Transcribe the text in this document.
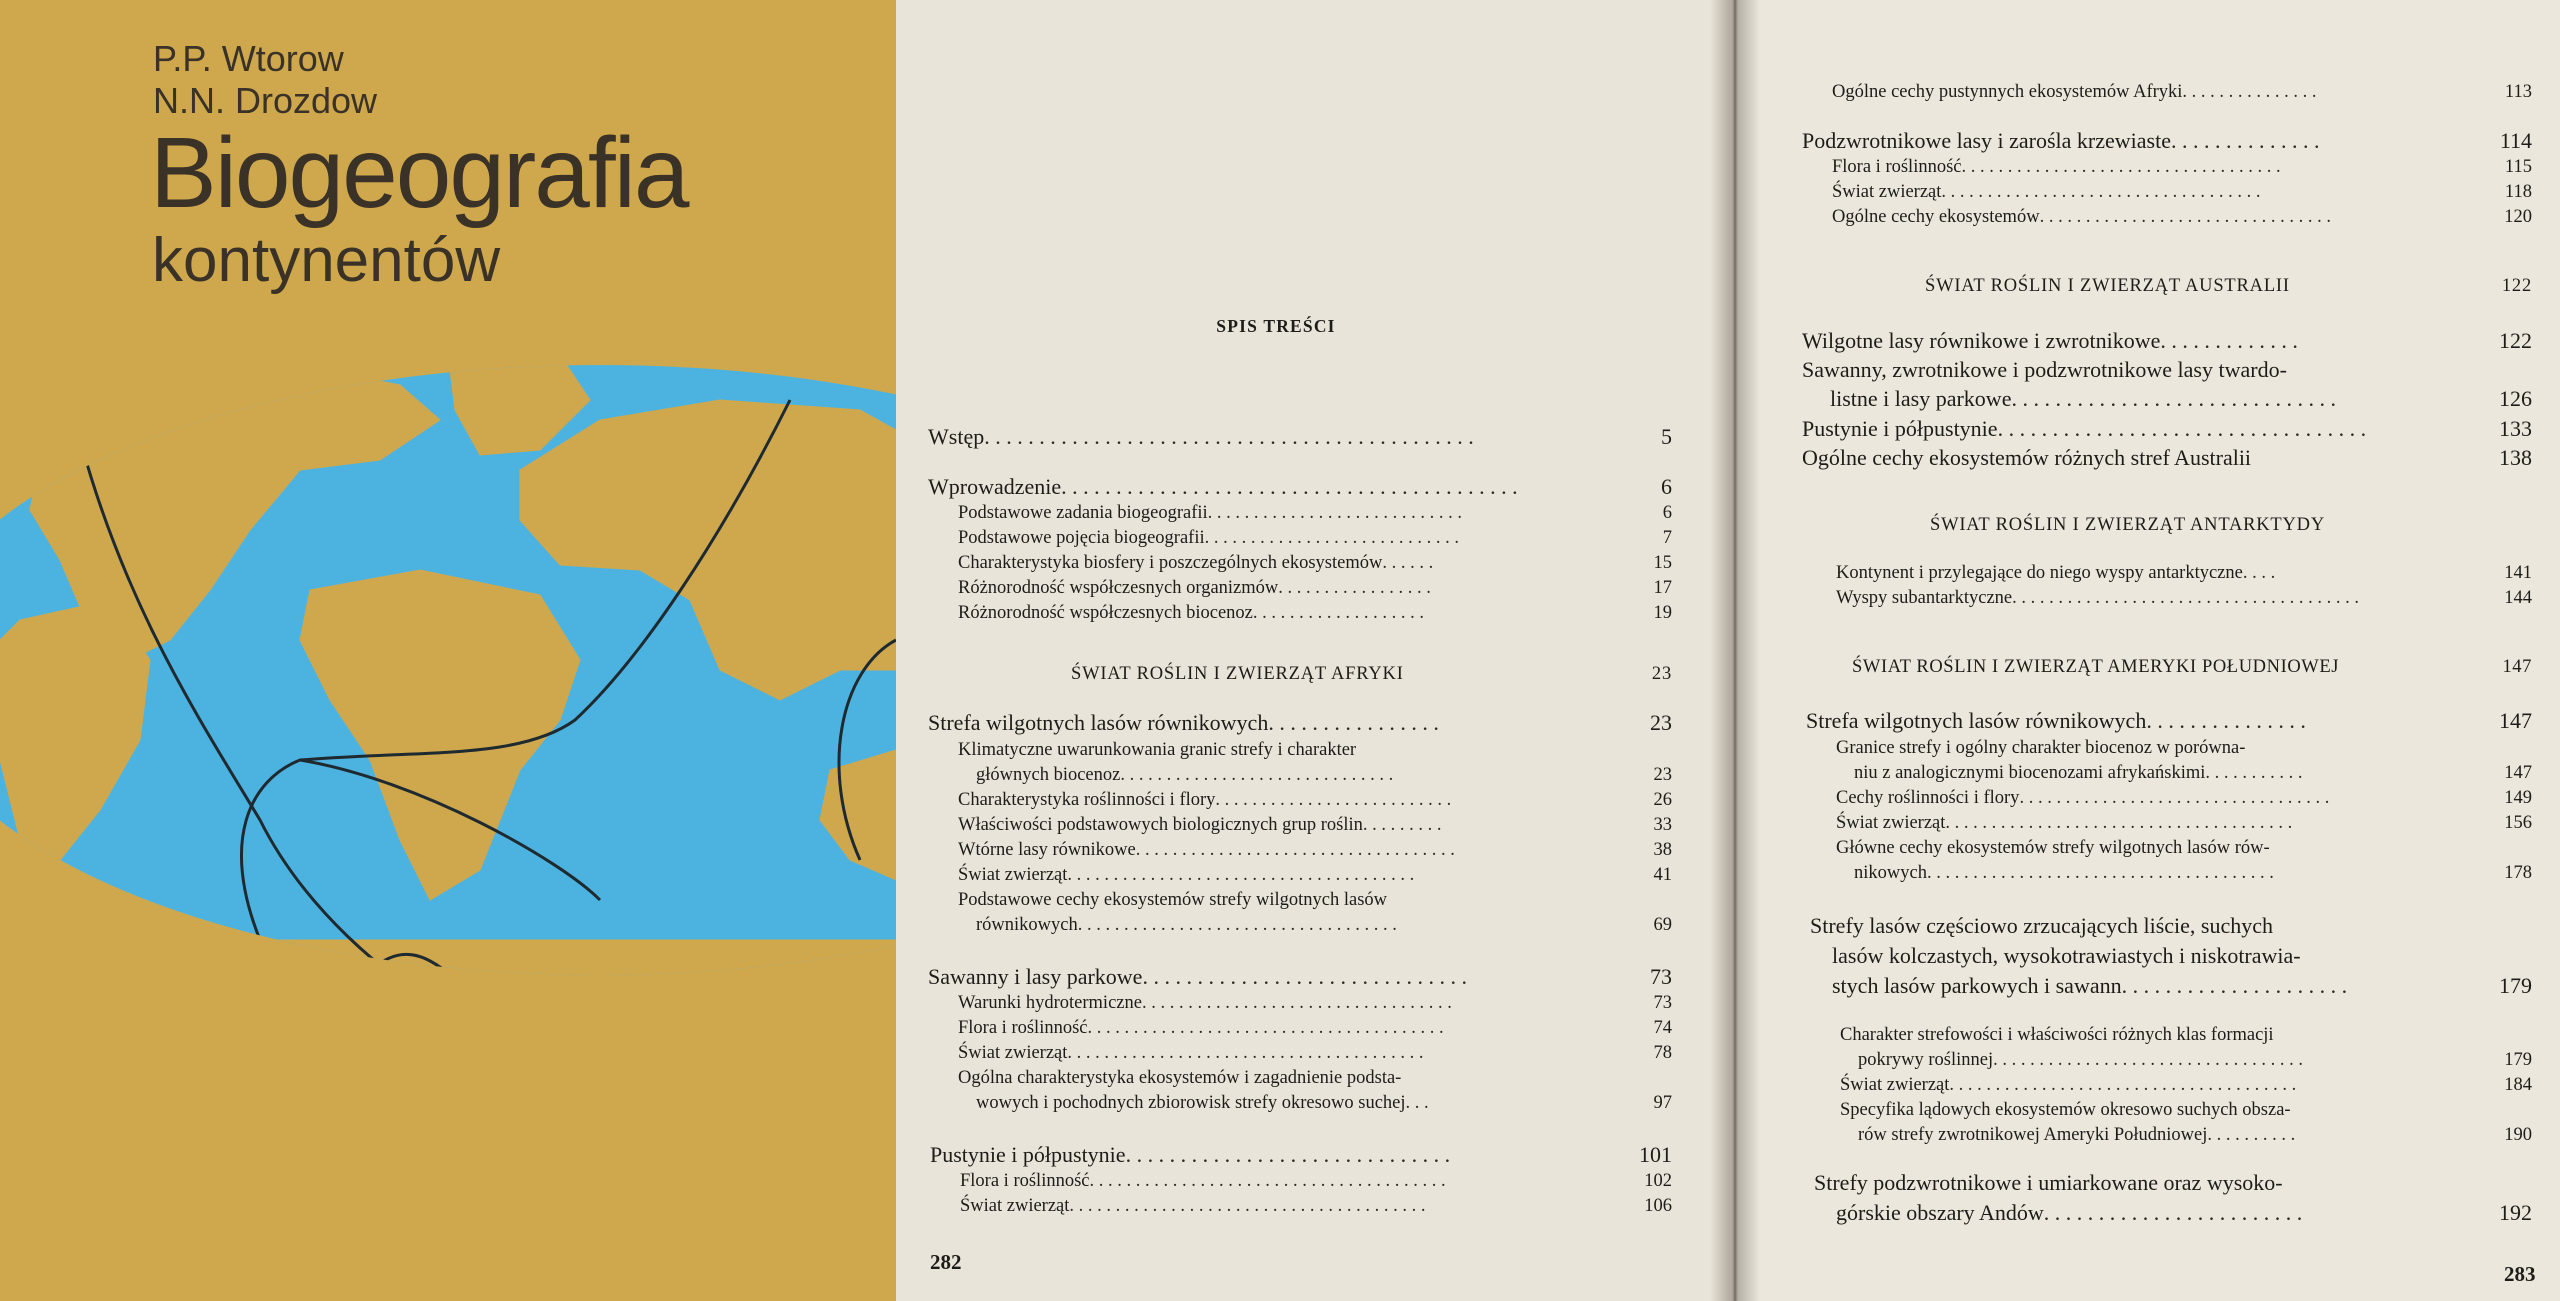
P.P. Wtorow
N.N. Drozdow
Biogeografia
kontynentów
SPIS TREŚCI
Wstęp . . . . . . . . . . . . . . . . . . . . . . . . . . . . . . . . . . . . . . . . . . . . .	5
Wprowadzenie . . . . . . . . . . . . . . . . . . . . . . . . . . . . . . . . . . . . . . . . . .	6
Podstawowe zadania biogeografii . . . . . . . . . . . . . . . . . . . . . . . . . . . .	6
Podstawowe pojęcia biogeografii . . . . . . . . . . . . . . . . . . . . . . . . . . . .	7
Charakterystyka biosfery i poszczególnych ekosystemów . . . . . .	15
Różnorodność współczesnych organizmów . . . . . . . . . . . . . . . . .	17
Różnorodność współczesnych biocenoz . . . . . . . . . . . . . . . . . . .	19
ŚWIAT ROŚLIN I ZWIERZĄT AFRYKI	23
Strefa wilgotnych lasów równikowych . . . . . . . . . . . . . . . .	23
Klimatyczne uwarunkowania granic strefy i charakter
głównych biocenoz . . . . . . . . . . . . . . . . . . . . . . . . . . . . . .	23
Charakterystyka roślinności i flory . . . . . . . . . . . . . . . . . . . . . . . . . .	26
Właściwości podstawowych biologicznych grup roślin . . . . . . . . .	33
Wtórne lasy równikowe . . . . . . . . . . . . . . . . . . . . . . . . . . . . . . . . . . .	38
Świat zwierząt . . . . . . . . . . . . . . . . . . . . . . . . . . . . . . . . . . . . . .	41
Podstawowe cechy ekosystemów strefy wilgotnych lasów
równikowych . . . . . . . . . . . . . . . . . . . . . . . . . . . . . . . . . . .	69
Sawanny i lasy parkowe . . . . . . . . . . . . . . . . . . . . . . . . . . . . . .	73
Warunki hydrotermiczne . . . . . . . . . . . . . . . . . . . . . . . . . . . . . . . . . .	73
Flora i roślinność . . . . . . . . . . . . . . . . . . . . . . . . . . . . . . . . . . . . . . .	74
Świat zwierząt . . . . . . . . . . . . . . . . . . . . . . . . . . . . . . . . . . . . . . .	78
Ogólna charakterystyka ekosystemów i zagadnienie podsta-
wowych i pochodnych zbiorowisk strefy okresowo suchej . . .	97
Pustynie i półpustynie . . . . . . . . . . . . . . . . . . . . . . . . . . . . . .	101
Flora i roślinność . . . . . . . . . . . . . . . . . . . . . . . . . . . . . . . . . . . . . . .	102
Świat zwierząt . . . . . . . . . . . . . . . . . . . . . . . . . . . . . . . . . . . . . . .	106
282
Ogólne cechy pustynnych ekosystemów Afryki . . . . . . . . . . . . . . .	113
Podzwrotnikowe lasy i zarośla krzewiaste . . . . . . . . . . . . . .	114
Flora i roślinność . . . . . . . . . . . . . . . . . . . . . . . . . . . . . . . . . . .	115
Świat zwierząt . . . . . . . . . . . . . . . . . . . . . . . . . . . . . . . . . . .	118
Ogólne cechy ekosystemów . . . . . . . . . . . . . . . . . . . . . . . . . . . . . . . .	120
ŚWIAT ROŚLIN I ZWIERZĄT AUSTRALII	122
Wilgotne lasy równikowe i zwrotnikowe . . . . . . . . . . . . .	122
Sawanny, zwrotnikowe i podzwrotnikowe lasy twardo-
listne i lasy parkowe . . . . . . . . . . . . . . . . . . . . . . . . . . . . . .	126
Pustynie i półpustynie . . . . . . . . . . . . . . . . . . . . . . . . . . . . . . . . . .	133
Ogólne cechy ekosystemów różnych stref Australii	138
ŚWIAT ROŚLIN I ZWIERZĄT ANTARKTYDY
Kontynent i przylegające do niego wyspy antarktyczne . . . .	141
Wyspy subantarktyczne . . . . . . . . . . . . . . . . . . . . . . . . . . . . . . . . . . . . . .	144
ŚWIAT ROŚLIN I ZWIERZĄT AMERYKI POŁUDNIOWEJ	147
Strefa wilgotnych lasów równikowych . . . . . . . . . . . . . . .	147
Granice strefy i ogólny charakter biocenoz w porówna-
niu z analogicznymi biocenozami afrykańskimi . . . . . . . . . . .	147
Cechy roślinności i flory . . . . . . . . . . . . . . . . . . . . . . . . . . . . . . . . . .	149
Świat zwierząt . . . . . . . . . . . . . . . . . . . . . . . . . . . . . . . . . . . . . .	156
Główne cechy ekosystemów strefy wilgotnych lasów rów-
nikowych . . . . . . . . . . . . . . . . . . . . . . . . . . . . . . . . . . . . . .	178
Strefy lasów częściowo zrzucających liście, suchych
lasów kolczastych, wysokotrawiastych i niskotrawia-
stych lasów parkowych i sawann . . . . . . . . . . . . . . . . . . . . .	179
Charakter strefowości i właściwości różnych klas formacji
pokrywy roślinnej . . . . . . . . . . . . . . . . . . . . . . . . . . . . . . . . . .	179
Świat zwierząt . . . . . . . . . . . . . . . . . . . . . . . . . . . . . . . . . . . . . .	184
Specyfika lądowych ekosystemów okresowo suchych obsza-
rów strefy zwrotnikowej Ameryki Południowej . . . . . . . . . .	190
Strefy podzwrotnikowe i umiarkowane oraz wysoko-
górskie obszary Andów . . . . . . . . . . . . . . . . . . . . . . . .	192
283
